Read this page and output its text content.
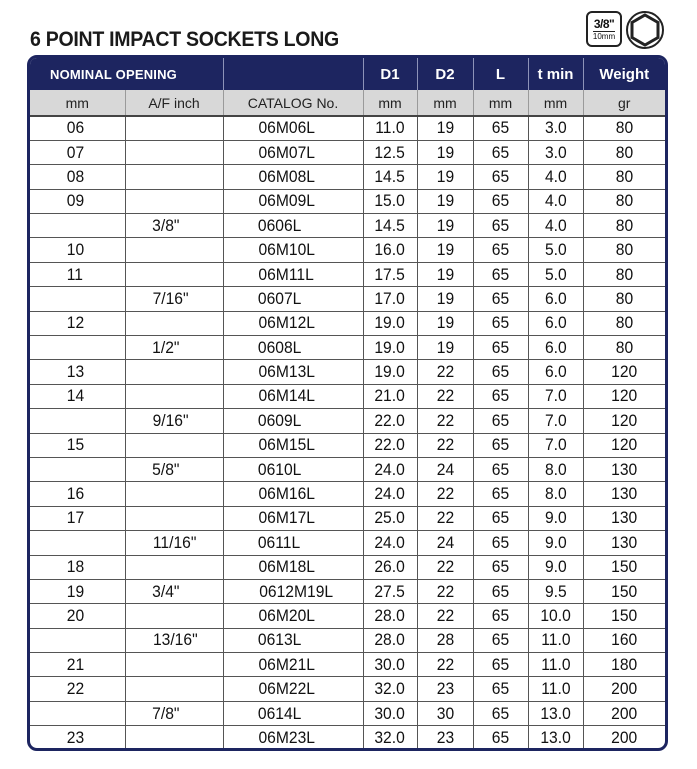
6 POINT IMPACT SOCKETS LONG
3/8"
10mm
NOMINAL OPENING			D1	D2	L	t min	Weight
mm	A/F inch	CATALOG No.	mm	mm	mm	mm	gr
06		06M06L	11.0	19	65	3.0	80
07		06M07L	12.5	19	65	3.0	80
08		06M08L	14.5	19	65	4.0	80
09		06M09L	15.0	19	65	4.0	80
	3/8"	0606L	14.5	19	65	4.0	80
10		06M10L	16.0	19	65	5.0	80
11		06M11L	17.5	19	65	5.0	80
	7/16"	0607L	17.0	19	65	6.0	80
12		06M12L	19.0	19	65	6.0	80
	1/2"	0608L	19.0	19	65	6.0	80
13		06M13L	19.0	22	65	6.0	120
14		06M14L	21.0	22	65	7.0	120
	9/16"	0609L	22.0	22	65	7.0	120
15		06M15L	22.0	22	65	7.0	120
	5/8"	0610L	24.0	24	65	8.0	130
16		06M16L	24.0	22	65	8.0	130
17		06M17L	25.0	22	65	9.0	130
	11/16"	0611L	24.0	24	65	9.0	130
18		06M18L	26.0	22	65	9.0	150
19	3/4"	0612M19L	27.5	22	65	9.5	150
20		06M20L	28.0	22	65	10.0	150
	13/16"	0613L	28.0	28	65	11.0	160
21		06M21L	30.0	22	65	11.0	180
22		06M22L	32.0	23	65	11.0	200
	7/8"	0614L	30.0	30	65	13.0	200
23		06M23L	32.0	23	65	13.0	200
